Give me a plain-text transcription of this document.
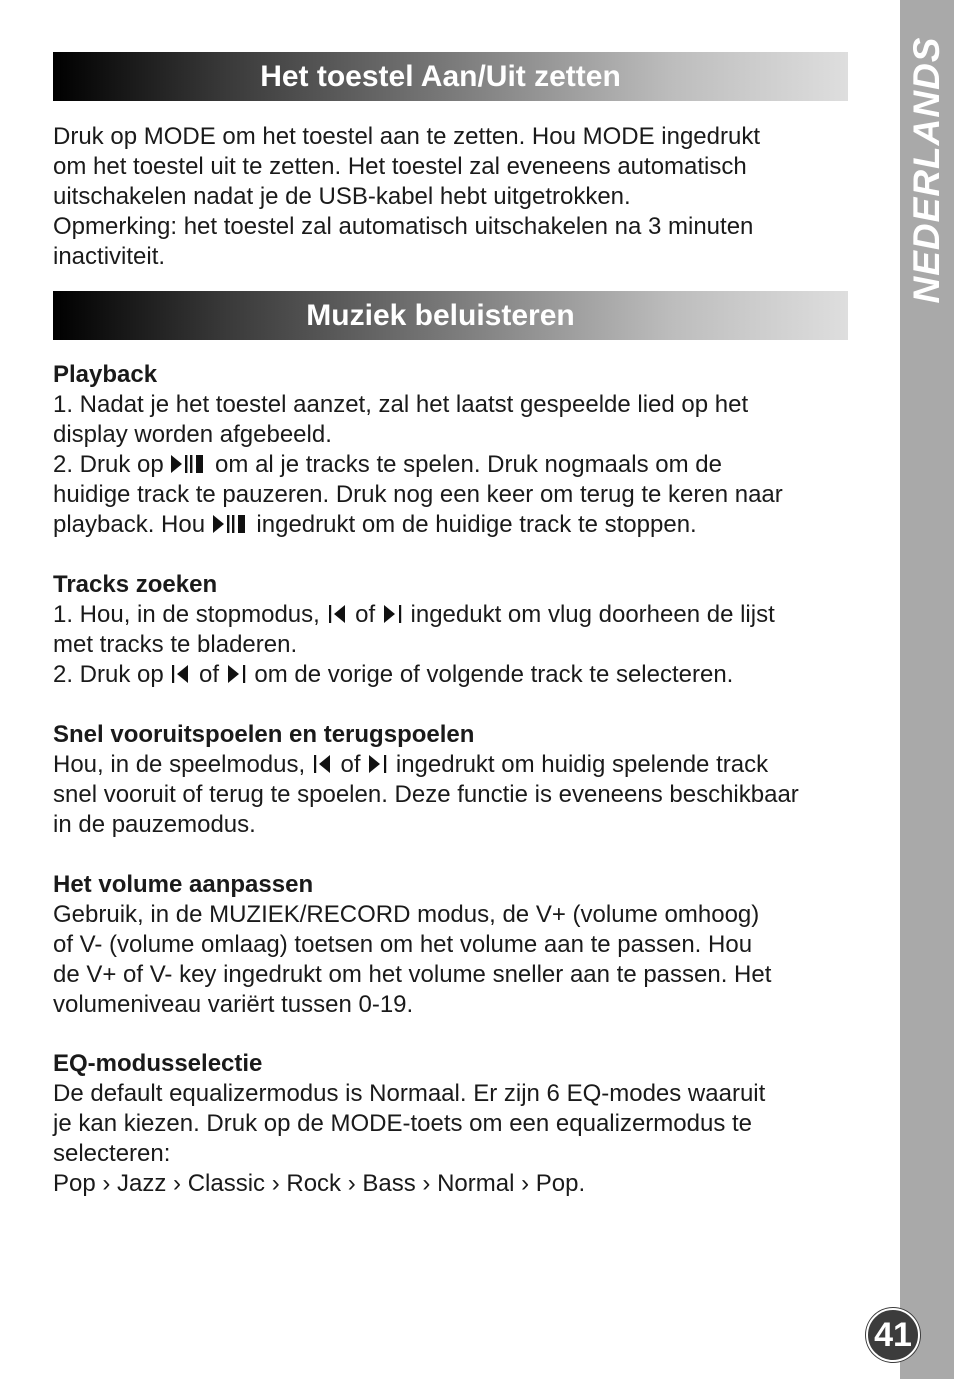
NEDERLANDS
41
Het toestel Aan/Uit zetten
Druk op MODE om het toestel aan te zetten. Hou MODE ingedrukt
om het toestel uit te zetten. Het toestel zal eveneens automatisch
uitschakelen nadat je de USB-kabel hebt uitgetrokken.
Opmerking: het toestel zal automatisch uitschakelen na 3 minuten
inactiviteit.
Muziek beluisteren
Playback
1. Nadat je het toestel aanzet, zal het laatst gespeelde lied op het
display worden afgebeeld.
2. Druk op
om al je tracks te spelen. Druk nogmaals om de
huidige track te pauzeren. Druk nog een keer om terug te keren naar
playback. Hou
ingedrukt om de huidige track te stoppen.
Tracks zoeken
1. Hou, in de stopmodus,
of
ingedukt om vlug doorheen de lijst
met tracks te bladeren.
2. Druk op
of
om de vorige of volgende track te selecteren.
Snel vooruitspoelen en terugspoelen
Hou, in de speelmodus,
of
ingedrukt om huidig spelende track
snel vooruit of terug te spoelen. Deze functie is eveneens beschikbaar
in de pauzemodus.
Het volume aanpassen
Gebruik, in de MUZIEK/RECORD modus, de V+ (volume omhoog)
of V- (volume omlaag) toetsen om het volume aan te passen. Hou
de V+ of V- key ingedrukt om het volume sneller aan te passen. Het
volumeniveau variërt tussen 0-19.
EQ-modusselectie
De default equalizermodus is Normaal. Er zijn 6 EQ-modes waaruit
je kan kiezen. Druk op de MODE-toets om een equalizermodus te
selecteren:
Pop › Jazz › Classic › Rock › Bass › Normal › Pop.
